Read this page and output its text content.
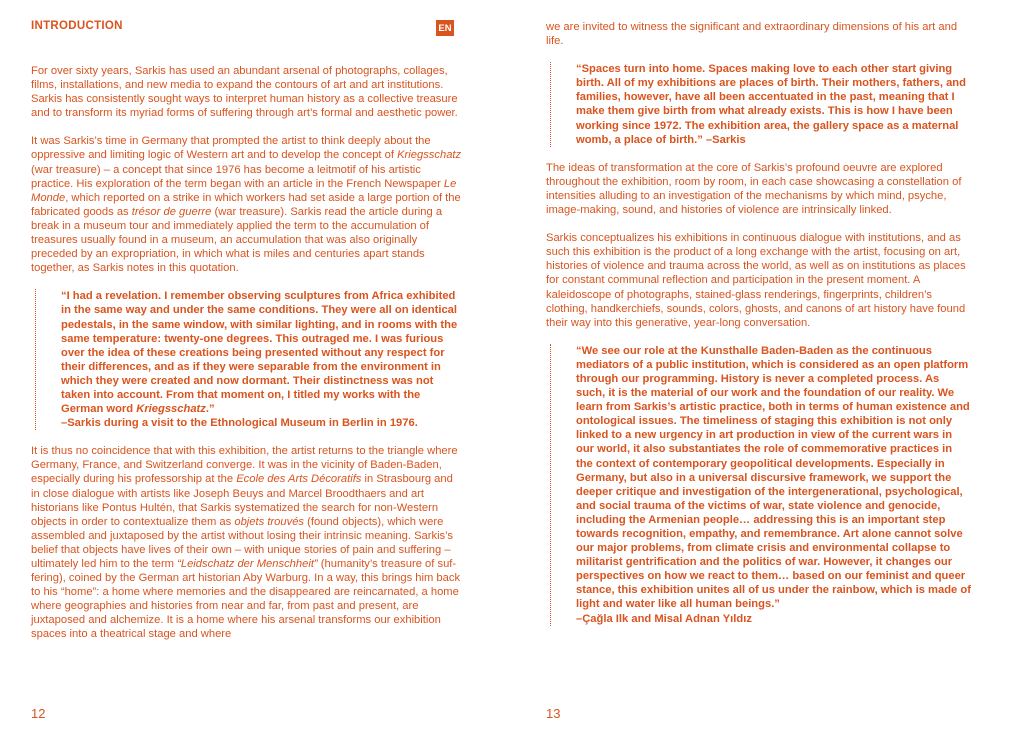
INTRODUCTION	EN

For over sixty years, Sarkis has used an abundant arsenal of photographs, collages, films, installations, and new media to expand the contours of art and art institutions. Sarkis has consistently sought ways to interpret human history as a collective treasure and to transform its myriad forms of suffering through art’s formal and aesthetic power.

It was Sarkis’s time in Germany that prompted the artist to think deeply about the oppressive and limiting logic of Western art and to develop the concept of Kriegsschatz (war treasure) – a concept that since 1976 has become a leitmotif of his artistic practice. His exploration of the term began with an article in the French Newspaper Le Monde, which reported on a strike in which workers had set aside a large portion of the fabricated goods as trésor de guerre (war treasure). Sarkis read the article during a break in a museum tour and immediately applied the term to the accumulation of treasures usually found in a museum, an accumulation that was also originally preceded by an expropriation, in which what is miles and centuries apart stands together, as Sarkis notes in this quotation.

“I had a revelation. I remember observing sculptures from Africa exhibited in the same way and under the same conditions. They were all on identical pedestals, in the same window, with similar lighting, and in rooms with the same temperature: twenty-one degrees. This outraged me. I was furious over the idea of these creations being presented without any respect for their differences, and as if they were separable from the environment in which they were created and now dormant. Their distinctness was not taken into account. From that moment on, I titled my works with the German word Kriegsschatz.”
–Sarkis during a visit to the Ethnological Museum in Berlin in 1976.

It is thus no coincidence that with this exhibition, the artist returns to the triangle where Germany, France, and Switzerland converge. It was in the vicinity of Baden-Baden, especially during his professorship at the Ecole des Arts Décoratifs in Strasbourg and in close dialogue with artists like Joseph Beuys and Marcel Broodthaers and art historians like Pontus Hultén, that Sarkis systematized the search for non-Western objects in order to contextualize them as objets trouvés (found objects), which were assembled and juxtaposed by the artist without losing their intrinsic meaning. Sarkis’s belief that objects have lives of their own – with unique stories of pain and suffering – ultimately led him to the term “Leidschatz der Menschheit” (humanity’s treasure of suffering), coined by the German art historian Aby Warburg. In a way, this brings him back to his “home”: a home where memories and the disappeared are reincarnated, a home where geographies and histories from near and far, from past and present, are juxtaposed and alchemize. It is a home where his arsenal transforms our exhibition spaces into a theatrical stage and where

12

we are invited to witness the significant and extraordinary dimensions of his art and life.

“Spaces turn into home. Spaces making love to each other start giving birth. All of my exhibitions are places of birth. Their mothers, fathers, and families, however, have all been accentuated in the past, meaning that I make them give birth from what already exists. This is how I have been working since 1972. The exhibition area, the gallery space as a maternal womb, a place of birth.” –Sarkis

The ideas of transformation at the core of Sarkis’s profound oeuvre are explored throughout the exhibition, room by room, in each case showcasing a constellation of intensities alluding to an investigation of the mechanisms by which mind, psyche, image-making, sound, and histories of violence are intrinsically linked.

Sarkis conceptualizes his exhibitions in continuous dialogue with institutions, and as such this exhibition is the product of a long exchange with the artist, focusing on art, histories of violence and trauma across the world, as well as on institutions as places for constant communal reflection and participation in the present moment. A kaleidoscope of photographs, stained-glass renderings, fingerprints, children’s clothing, handkerchiefs, sounds, colors, ghosts, and canons of art history have found their way into this generative, year-long conversation.

“We see our role at the Kunsthalle Baden-Baden as the continuous mediators of a public institution, which is considered as an open platform through our programming. History is never a completed process. As such, it is the material of our work and the foundation of our reality. We learn from Sarkis’s artistic practice, both in terms of human existence and ontological issues. The timeliness of staging this exhibition is not only linked to a new urgency in art production in view of the current wars in our world, it also substantiates the role of commemorative practices in the context of contemporary geopolitical developments. Especially in Germany, but also in a universal discursive framework, we support the deeper critique and investigation of the intergenerational, psychological, and social trauma of the victims of war, state violence and genocide, including the Armenian people… addressing this is an important step towards recognition, empathy, and remembrance. Art alone cannot solve our major problems, from climate crisis and environmental collapse to militarist gentrification and the politics of war. However, it changes our perspectives on how we react to them… based on our feminist and queer stance, this exhibition unites all of us under the rainbow, which is made of light and water like all human beings.”
–Çağla Ilk and Misal Adnan Yıldız
13
